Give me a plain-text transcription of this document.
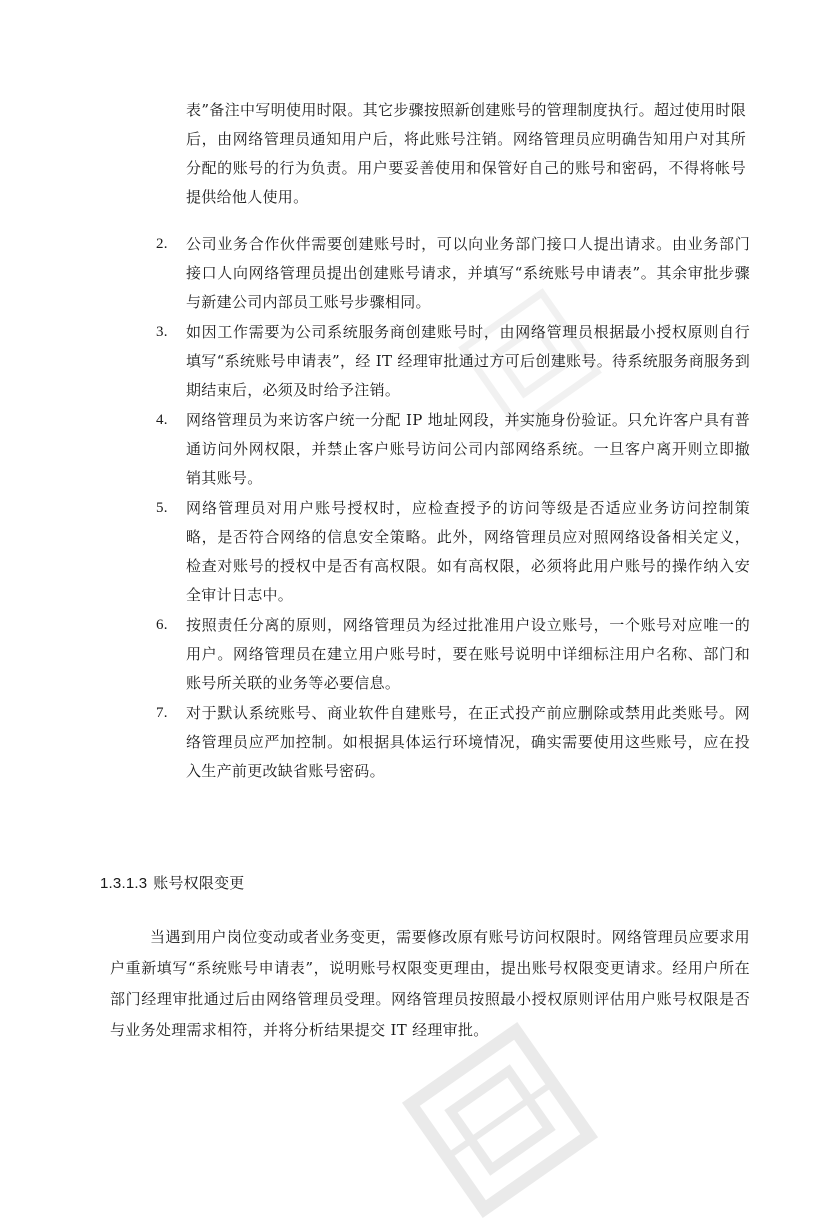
表”备注中写明使用时限。其它步骤按照新创建账号的管理制度执行。超过使用时限后，由网络管理员通知用户后，将此账号注销。网络管理员应明确告知用户对其所分配的账号的行为负责。用户要妥善使用和保管好自己的账号和密码，不得将帐号提供给他人使用。

2. 公司业务合作伙伴需要创建账号时，可以向业务部门接口人提出请求。由业务部门接口人向网络管理员提出创建账号请求，并填写“系统账号申请表”。其余审批步骤与新建公司内部员工账号步骤相同。
3. 如因工作需要为公司系统服务商创建账号时，由网络管理员根据最小授权原则自行填写“系统账号申请表”，经 IT 经理审批通过方可后创建账号。待系统服务商服务到期结束后，必须及时给予注销。
4. 网络管理员为来访客户统一分配 IP 地址网段，并实施身份验证。只允许客户具有普通访问外网权限，并禁止客户账号访问公司内部网络系统。一旦客户离开则立即撤销其账号。
5. 网络管理员对用户账号授权时，应检查授予的访问等级是否适应业务访问控制策略，是否符合网络的信息安全策略。此外，网络管理员应对照网络设备相关定义，检查对账号的授权中是否有高权限。如有高权限，必须将此用户账号的操作纳入安全审计日志中。
6. 按照责任分离的原则，网络管理员为经过批准用户设立账号，一个账号对应唯一的用户。网络管理员在建立用户账号时，要在账号说明中详细标注用户名称、部门和账号所关联的业务等必要信息。
7. 对于默认系统账号、商业软件自建账号，在正式投产前应删除或禁用此类账号。网络管理员应严加控制。如根据具体运行环境情况，确实需要使用这些账号，应在投入生产前更改缺省账号密码。
1.3.1.3 账号权限变更

当遇到用户岗位变动或者业务变更，需要修改原有账号访问权限时。网络管理员应要求用户重新填写“系统账号申请表”，说明账号权限变更理由，提出账号权限变更请求。经用户所在部门经理审批通过后由网络管理员受理。网络管理员按照最小授权原则评估用户账号权限是否与业务处理需求相符，并将分析结果提交 IT 经理审批。
